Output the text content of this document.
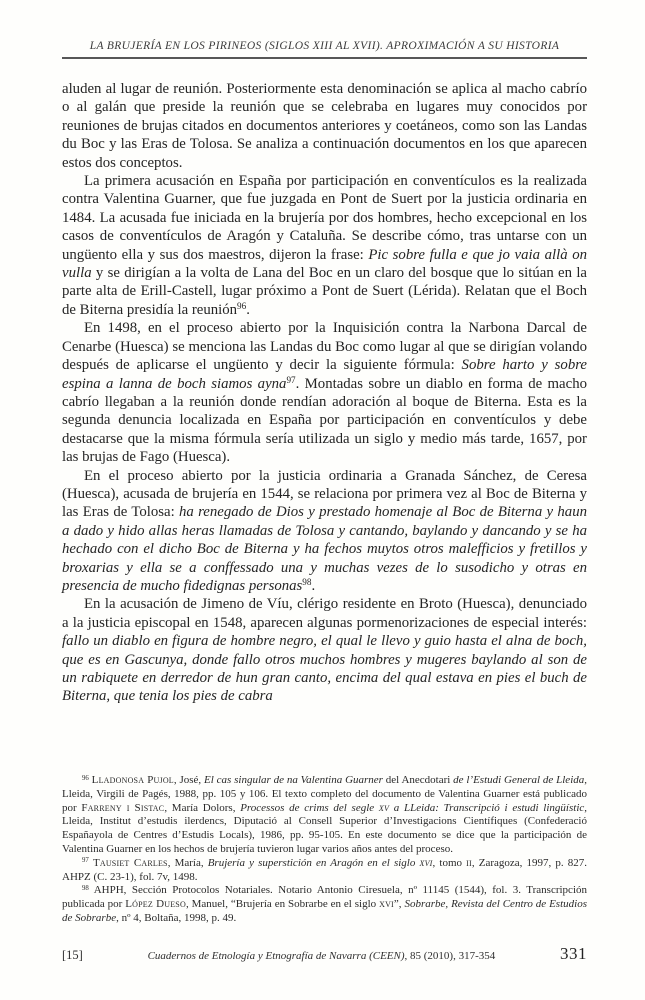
LA BRUJERÍA EN LOS PIRINEOS (SIGLOS XIII AL XVII). APROXIMACIÓN A SU HISTORIA

aluden al lugar de reunión. Posteriormente esta denominación se aplica al macho cabrío o al galán que preside la reunión que se celebraba en lugares muy conocidos por reuniones de brujas citados en documentos anteriores y coetáneos, como son las Landas du Boc y las Eras de Tolosa. Se analiza a continuación documentos en los que aparecen estos dos conceptos.

La primera acusación en España por participación en conventículos es la realizada contra Valentina Guarner, que fue juzgada en Pont de Suert por la justicia ordinaria en 1484. La acusada fue iniciada en la brujería por dos hombres, hecho excepcional en los casos de conventículos de Aragón y Cataluña. Se describe cómo, tras untarse con un ungüento ella y sus dos maestros, dijeron la frase: Pic sobre fulla e que jo vaia allà on vulla y se dirigían a la volta de Lana del Boc en un claro del bosque que lo sitúan en la parte alta de Erill-Castell, lugar próximo a Pont de Suert (Lérida). Relatan que el Boch de Biterna presidía la reunión$^{96}$.

En 1498, en el proceso abierto por la Inquisición contra la Narbona Darcal de Cenarbe (Huesca) se menciona las Landas du Boc como lugar al que se dirigían volando después de aplicarse el ungüento y decir la siguiente fórmula: Sobre harto y sobre espina a lanna de boch siamos ayna$^{97}$. Montadas sobre un diablo en forma de macho cabrío llegaban a la reunión donde rendían adoración al boque de Biterna. Esta es la segunda denuncia localizada en España por participación en conventículos y debe destacarse que la misma fórmula sería utilizada un siglo y medio más tarde, 1657, por las brujas de Fago (Huesca).

En el proceso abierto por la justicia ordinaria a Granada Sánchez, de Ceresa (Huesca), acusada de brujería en 1544, se relaciona por primera vez al Boc de Biterna y las Eras de Tolosa: ha renegado de Dios y prestado homenaje al Boc de Biterna y haun a dado y hido allas heras llamadas de Tolosa y cantando, baylando y dancando y se ha hechado con el dicho Boc de Biterna y ha fechos muytos otros malefficios y fretillos y broxarias y ella se a conffessado una y muchas vezes de lo susodicho y otras en presencia de mucho fidedignas personas$^{98}$.

En la acusación de Jimeno de Víu, clérigo residente en Broto (Huesca), denunciado a la justicia episcopal en 1548, aparecen algunas pormenorizaciones de especial interés: fallo un diablo en figura de hombre negro, el qual le llevo y guio hasta el alna de boch, que es en Gascunya, donde fallo otros muchos hombres y mugeres baylando al son de un rabiquete en derredor de hun gran canto, encima del qual estava en pies el buch de Biterna, que tenia los pies de cabra

$^{96}$ Lladonosa Pujol, José, El cas singular de na Valentina Guarner del Anecdotari de l’Estudi General de Lleida, Lleida, Virgili de Pagés, 1988, pp. 105 y 106. El texto completo del documento de Valentina Guarner está publicado por Farreny i Sistac, María Dolors, Processos de crims del segle xv a LLeida: Transcripció i estudi lingüístic, Lleida, Institut d’estudis ilerdencs, Diputació al Consell Superior d’Investigacions Científiques (Confederació Españayola de Centres d’Estudis Locals), 1986, pp. 95-105. En este documento se dice que la participación de Valentina Guarner en los hechos de brujería tuvieron lugar varios años antes del proceso.

$^{97}$ Tausiet Carles, María, Brujería y superstición en Aragón en el siglo xvi, tomo ii, Zaragoza, 1997, p. 827. AHPZ (C. 23-1), fol. 7v, 1498.

$^{98}$ AHPH, Sección Protocolos Notariales. Notario Antonio Ciresuela, nº 11145 (1544), fol. 3. Transcripción publicada por López Dueso, Manuel, “Brujería en Sobrarbe en el siglo xvi”, Sobrarbe, Revista del Centro de Estudios de Sobrarbe, nº 4, Boltaña, 1998, p. 49.

[15]	Cuadernos de Etnología y Etnografía de Navarra (CEEN), 85 (2010), 317-354	331
